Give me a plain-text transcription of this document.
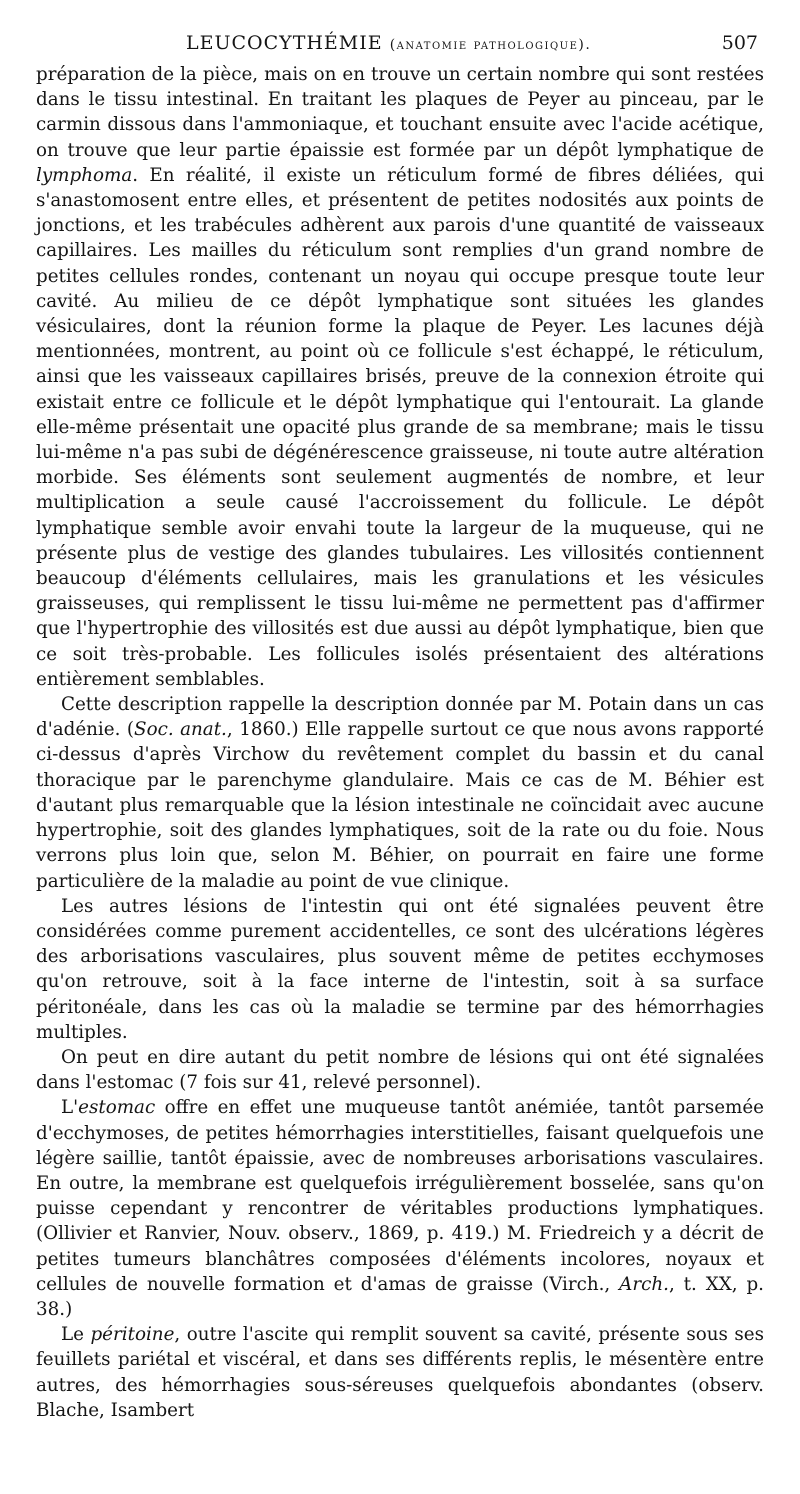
LEUCOCYTHÉMIE (anatomie pathologique).	507

préparation de la pièce, mais on en trouve un certain nombre qui sont restées dans le tissu intestinal. En traitant les plaques de Peyer au pinceau, par le carmin dissous dans l'ammoniaque, et touchant ensuite avec l'acide acétique, on trouve que leur partie épaissie est formée par un dépôt lymphatique de lymphoma. En réalité, il existe un réticulum formé de fibres déliées, qui s'anastomosent entre elles, et présentent de petites nodosités aux points de jonctions, et les trabécules adhèrent aux parois d'une quantité de vaisseaux capillaires. Les mailles du réticulum sont remplies d'un grand nombre de petites cellules rondes, contenant un noyau qui occupe presque toute leur cavité. Au milieu de ce dépôt lymphatique sont situées les glandes vésiculaires, dont la réunion forme la plaque de Peyer. Les lacunes déjà mentionnées, montrent, au point où ce follicule s'est échappé, le réticulum, ainsi que les vaisseaux capillaires brisés, preuve de la connexion étroite qui existait entre ce follicule et le dépôt lymphatique qui l'entourait. La glande elle-même présentait une opacité plus grande de sa membrane; mais le tissu lui-même n'a pas subi de dégénérescence graisseuse, ni toute autre altération morbide. Ses éléments sont seulement augmentés de nombre, et leur multiplication a seule causé l'accroissement du follicule. Le dépôt lymphatique semble avoir envahi toute la largeur de la muqueuse, qui ne présente plus de vestige des glandes tubulaires. Les villosités contiennent beaucoup d'éléments cellulaires, mais les granulations et les vésicules graisseuses, qui remplissent le tissu lui-même ne permettent pas d'affirmer que l'hypertrophie des villosités est due aussi au dépôt lymphatique, bien que ce soit très-probable. Les follicules isolés présentaient des altérations entièrement semblables.

Cette description rappelle la description donnée par M. Potain dans un cas d'adénie. (Soc. anat., 1860.) Elle rappelle surtout ce que nous avons rapporté ci-dessus d'après Virchow du revêtement complet du bassin et du canal thoracique par le parenchyme glandulaire. Mais ce cas de M. Béhier est d'autant plus remarquable que la lésion intestinale ne coïncidait avec aucune hypertrophie, soit des glandes lymphatiques, soit de la rate ou du foie. Nous verrons plus loin que, selon M. Béhier, on pourrait en faire une forme particulière de la maladie au point de vue clinique.

Les autres lésions de l'intestin qui ont été signalées peuvent être considérées comme purement accidentelles, ce sont des ulcérations légères des arborisations vasculaires, plus souvent même de petites ecchymoses qu'on retrouve, soit à la face interne de l'intestin, soit à sa surface péritonéale, dans les cas où la maladie se termine par des hémorrhagies multiples.

On peut en dire autant du petit nombre de lésions qui ont été signalées dans l'estomac (7 fois sur 41, relevé personnel).

L'estomac offre en effet une muqueuse tantôt anémiée, tantôt parsemée d'ecchymoses, de petites hémorrhagies interstitielles, faisant quelquefois une légère saillie, tantôt épaissie, avec de nombreuses arborisations vasculaires. En outre, la membrane est quelquefois irrégulièrement bosselée, sans qu'on puisse cependant y rencontrer de véritables productions lymphatiques. (Ollivier et Ranvier, Nouv. observ., 1869, p. 419.) M. Friedreich y a décrit de petites tumeurs blanchâtres composées d'éléments incolores, noyaux et cellules de nouvelle formation et d'amas de graisse (Virch., Arch., t. XX, p. 38.)

Le péritoine, outre l'ascite qui remplit souvent sa cavité, présente sous ses feuillets pariétal et viscéral, et dans ses différents replis, le mésentère entre autres, des hémorrhagies sous-séreuses quelquefois abondantes (observ. Blache, Isambert
